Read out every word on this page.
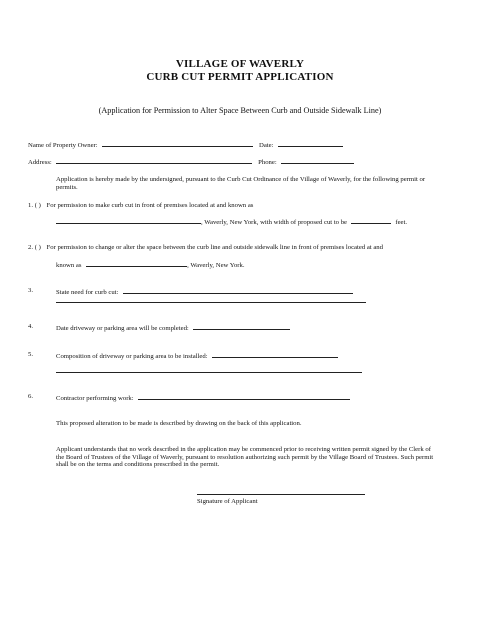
VILLAGE OF WAVERLY
CURB CUT PERMIT APPLICATION
(Application for Permission to Alter Space Between Curb and Outside Sidewalk Line)
Name of Property Owner:	Date:
Address:	Phone:
Application is hereby made by the undersigned, pursuant to the Curb Cut Ordinance of the Village of Waverly, for the following permit or permits.
1. ( ) For permission to make curb cut in front of premises located at and known as
, Waverly, New York, with width of proposed cut to be	feet.
2. ( ) For permission to change or alter the space between the curb line and outside sidewalk line in front of premises located at and
known as	, Waverly, New York.
3.	State need for curb cut:
4.	Date driveway or parking area will be completed:
5.	Composition of driveway or parking area to be installed:
6.	Contractor performing work:
This proposed alteration to be made is described by drawing on the back of this application.
Applicant understands that no work described in the application may be commenced prior to receiving written permit signed by the Clerk of the Board of Trustees of the Village of Waverly, pursuant to resolution authorizing such permit by the Village Board of Trustees. Such permit shall be on the terms and conditions prescribed in the permit.
Signature of Applicant
